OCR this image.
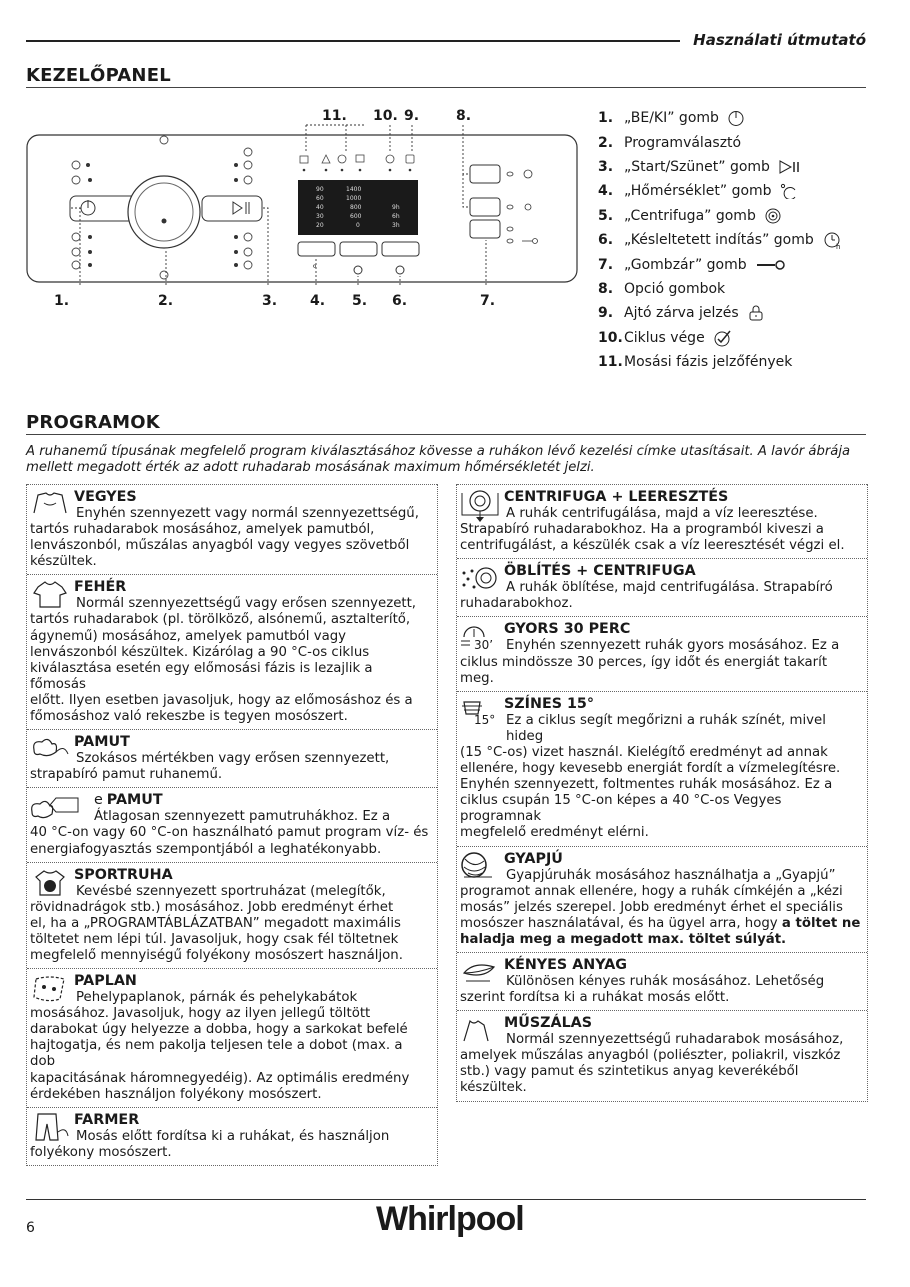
Használati útmutató
KEZELŐPANEL
90
60
40
30
20
1400
1000
800
600
0
9h
6h
3h
°
11. 10. 9.	8.
1.	2.	3. 4. 5. 6.	7.
1. „BE/KI” gomb
2. Programválasztó
3. „Start/Szünet” gomb
4. „Hőmérséklet” gomb
5. „Centrifuga” gomb
6. „Késleltetett indítás” gomb	h
7. „Gombzár” gomb
8. Opció gombok
9. Ajtó zárva jelzés
10. Ciklus vége
11. Mosási fázis jelzőfények
PROGRAMOK
A ruhanemű típusának megfelelő program kiválasztásához kövesse a ruhákon lévő kezelési címke utasításait. A lavór ábrája mellett megadott érték az adott ruhadarab mosásának maximum hőmérsékletét jelzi.
VEGYES
Enyhén szennyezett vagy normál szennyezettségű,
tartós ruhadarabok mosásához, amelyek pamutból,
lenvászonból, műszálas anyagból vagy vegyes szövetből
készültek.
FEHÉR
Normál szennyezettségű vagy erősen szennyezett,
tartós ruhadarabok (pl. törölköző, alsónemű, asztalterítő,
ágynemű) mosásához, amelyek pamutból vagy
lenvászonból készültek. Kizárólag a 90 °C-os ciklus
kiválasztása esetén egy előmosási fázis is lezajlik a főmosás
előtt. Ilyen esetben javasoljuk, hogy az előmosáshoz és a
főmosáshoz való rekeszbe is tegyen mosószert.
PAMUT
Szokásos mértékben vagy erősen szennyezett,
strapabíró pamut ruhanemű.
e PAMUT
Átlagosan szennyezett pamutruhákhoz. Ez a
40 °C-on vagy 60 °C-on használható pamut program víz- és
energiafogyasztás szempontjából a leghatékonyabb.
SPORTRUHA
Kevésbé szennyezett sportruházat (melegítők,
rövidnadrágok stb.) mosásához. Jobb eredményt érhet
el, ha a „PROGRAMTÁBLÁZATBAN” megadott maximális
töltetet nem lépi túl. Javasoljuk, hogy csak fél töltetnek
megfelelő mennyiségű folyékony mosószert használjon.
PAPLAN
Pehelypaplanok, párnák és pehelykabátok
mosásához. Javasoljuk, hogy az ilyen jellegű töltött
darabokat úgy helyezze a dobba, hogy a sarkokat befelé
hajtogatja, és nem pakolja teljesen tele a dobot (max. a dob
kapacitásának háromnegyedéig). Az optimális eredmény
érdekében használjon folyékony mosószert.
FARMER
Mosás előtt fordítsa ki a ruhákat, és használjon
folyékony mosószert.
CENTRIFUGA + LEERESZTÉS
A ruhák centrifugálása, majd a víz leeresztése.
Strapabíró ruhadarabokhoz. Ha a programból kiveszi a
centrifugálást, a készülék csak a víz leeresztését végzi el.
ÖBLÍTÉS + CENTRIFUGA
A ruhák öblítése, majd centrifugálása. Strapabíró
ruhadarabokhoz.
30’
GYORS 30 PERC
Enyhén szennyezett ruhák gyors mosásához. Ez a
ciklus mindössze 30 perces, így időt és energiát takarít meg.
15°
SZÍNES 15°
Ez a ciklus segít megőrizni a ruhák színét, mivel hideg
(15 °C-os) vizet használ. Kielégítő eredményt ad annak
ellenére, hogy kevesebb energiát fordít a vízmelegítésre.
Enyhén szennyezett, foltmentes ruhák mosásához. Ez a
ciklus csupán 15 °C-on képes a 40 °C-os Vegyes programnak
megfelelő eredményt elérni.
GYAPJÚ
Gyapjúruhák mosásához használhatja a „Gyapjú”
programot annak ellenére, hogy a ruhák címkéjén a „kézi
mosás” jelzés szerepel. Jobb eredményt érhet el speciális
mosószer használatával, és ha ügyel arra, hogy a töltet ne
haladja meg a megadott max. töltet súlyát.
KÉNYES ANYAG
Különösen kényes ruhák mosásához. Lehetőség
szerint fordítsa ki a ruhákat mosás előtt.
MŰSZÁLAS
Normál szennyezettségű ruhadarabok mosásához,
amelyek műszálas anyagból (poliészter, poliakril, viszkóz
stb.) vagy pamut és szintetikus anyag keverékéből készültek.
6	Whirlpool
